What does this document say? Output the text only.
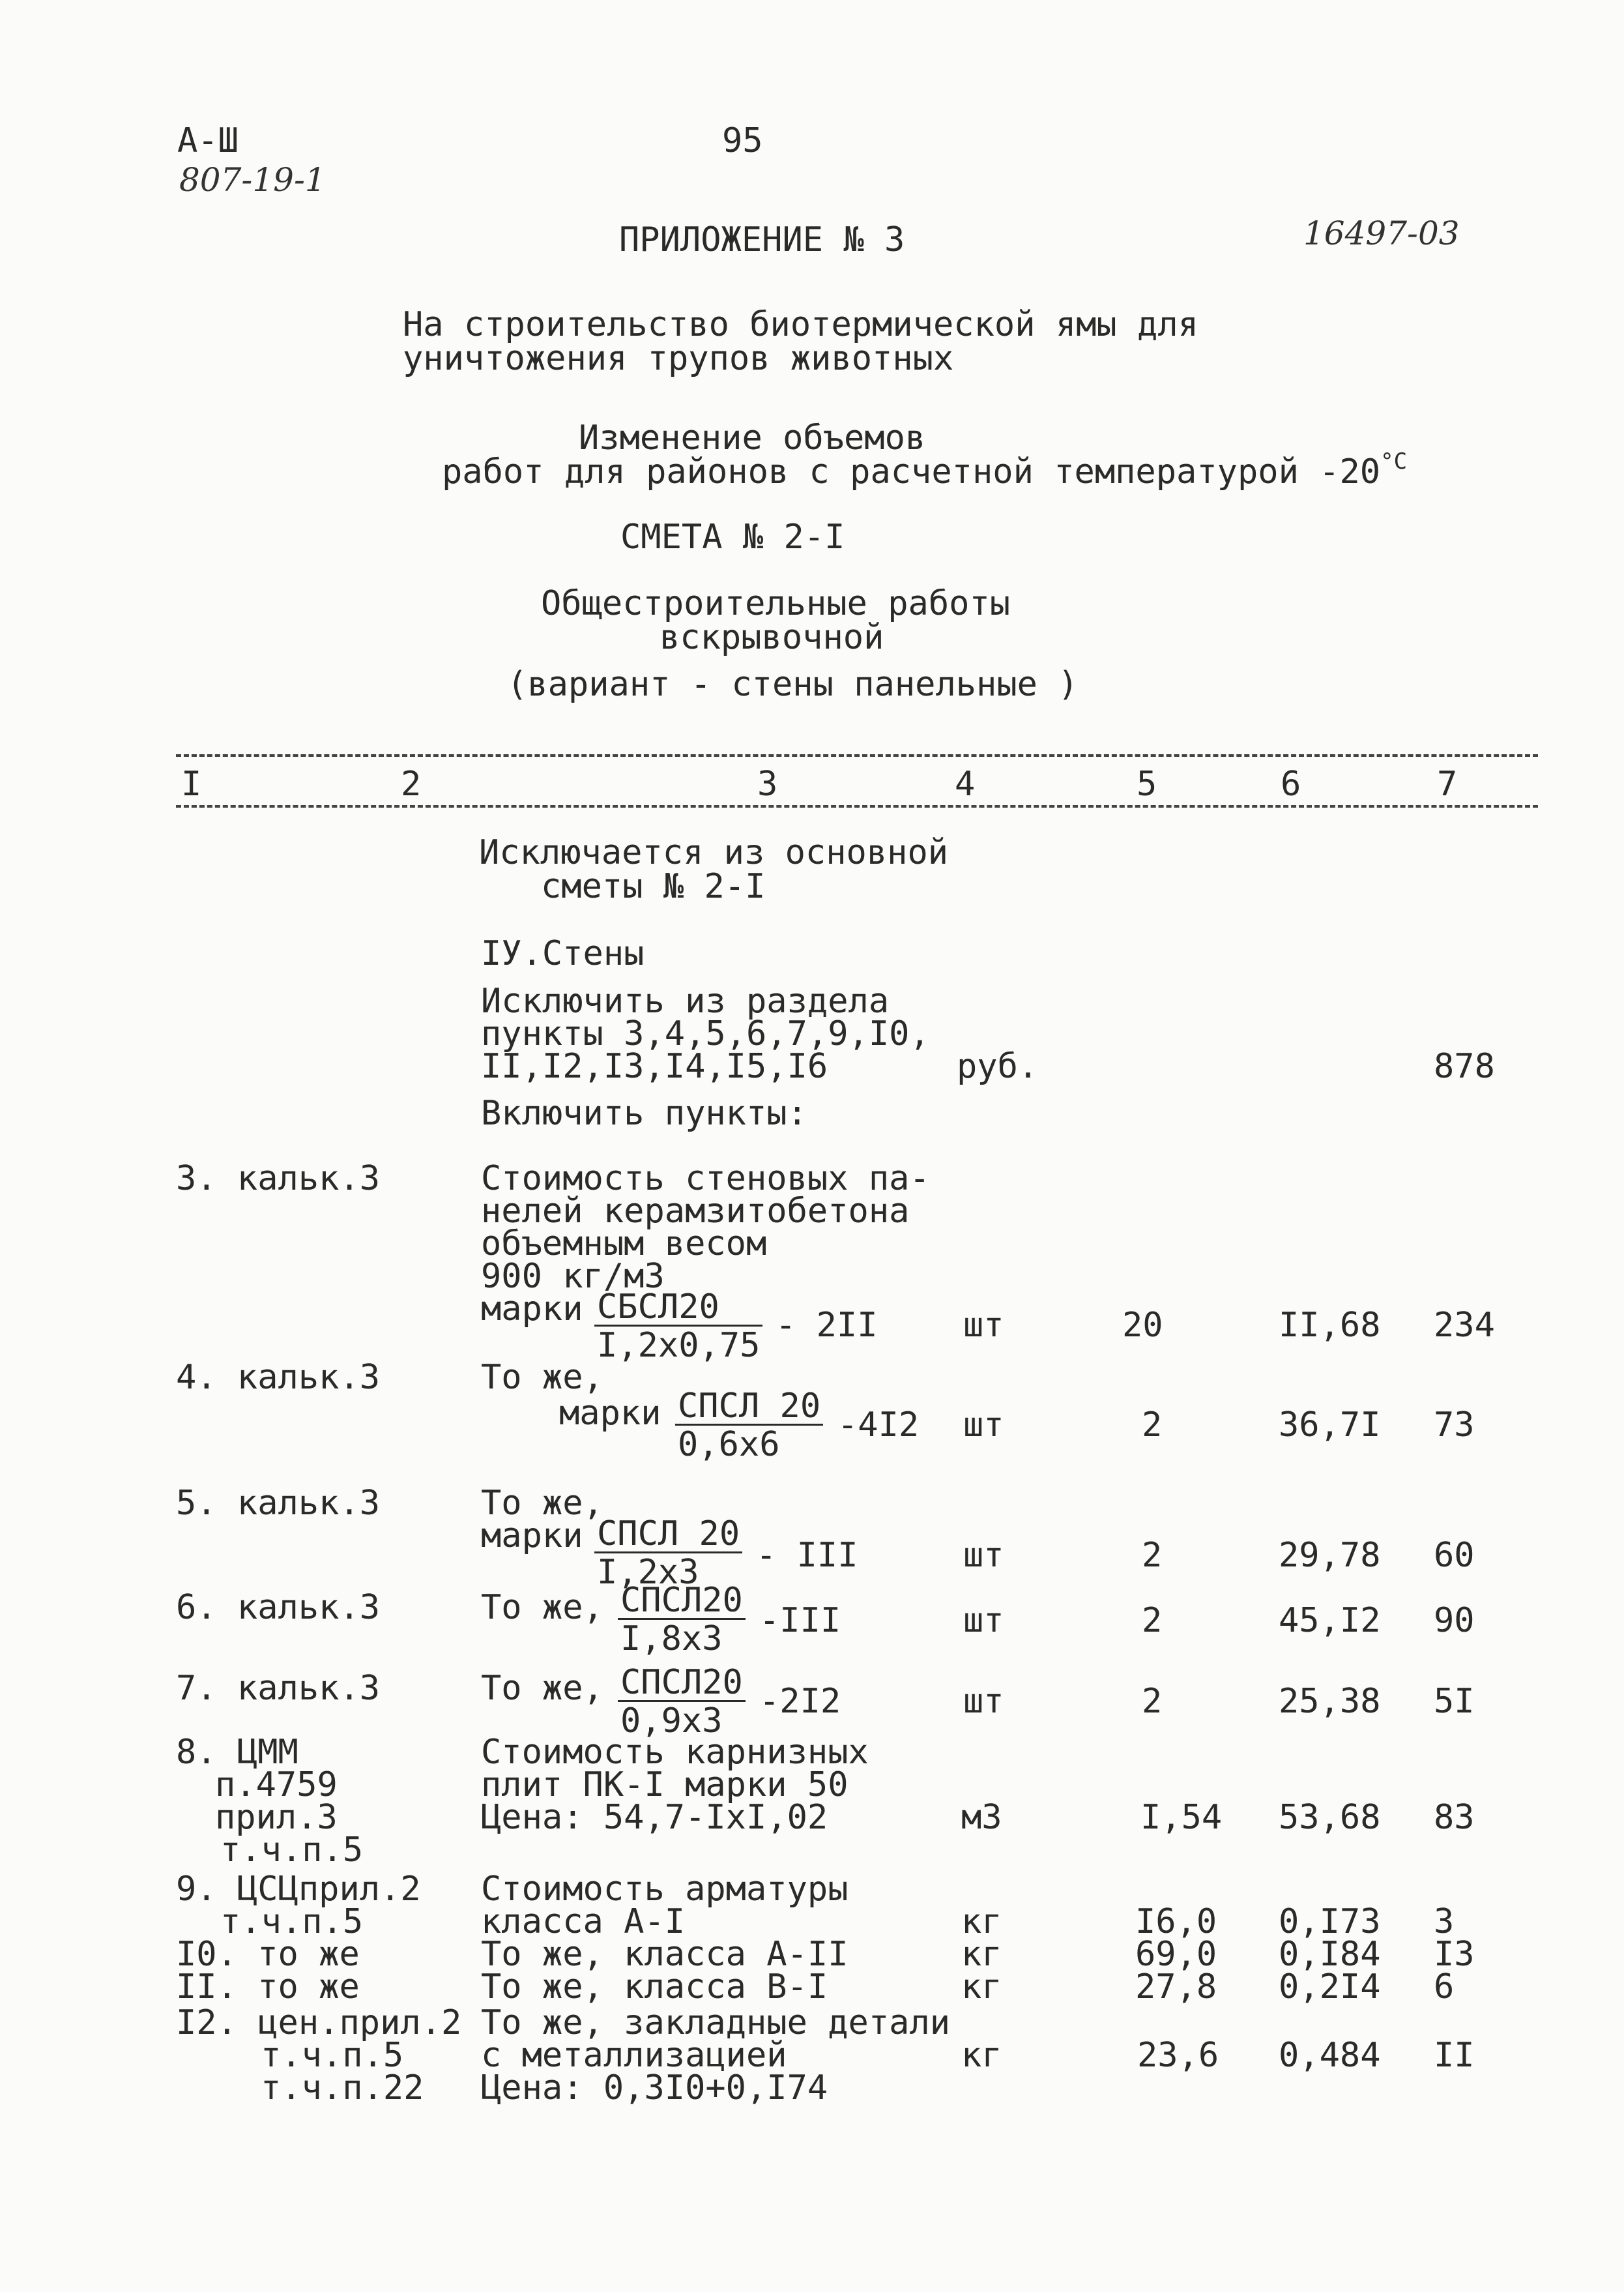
А-Ш
807-19-1
95
ПРИЛОЖЕНИЕ № 3	16497-03
На строительство биотермической ямы для
уничтожения трупов животных
Изменение объемов
работ для районов с расчетной температурой $-20^{^\circ С}$
СМЕТА № 2-I
Общестроительные работы
вскрывочной
(вариант - стены панельные )
I	2	3	4	5	6	7
Исключается из основной
сметы № 2-I
IУ.Стены
Исключить из раздела
пункты 3,4,5,6,7,9,I0,
II,I2,I3,I4,I5,I6	руб.	878
Включить пункты:
3. кальк.3	Стоимость стеновых па-
нелей керамзитобетона
объемным весом
900 кг/м3
марки СБСЛ20
I,2x0,75
- 2II	шт	20	II,68 234
4. кальк.3	То же,
марки СПСЛ 20
0,6x6	-4I2 шт	2	36,7I 73
5. кальк.3	То же,
марки СПСЛ 20
I,2x3	- III	шт	2	29,78 60
6. кальк.3	То же, СПСЛ20
I,8x3	-III	шт	2	45,I2 90
7. кальк.3	То же, СПСЛ20
0,9x3	-2I2	шт	2	25,38 5I
8. ЦММ
п.4759
прил.3
т.ч.п.5
Стоимость карнизных
плит ПК-I марки 50
Цена: 54,7-IxI,02	м3	I,54 53,68 83
9. ЦСЦприл.2
т.ч.п.5
Стоимость арматуры
класса А-I	кг	I6,0 0,I73 3
I0. то же	То же, класса А-II	кг	69,0 0,I84 I3
II. то же	То же, класса В-I	кг	27,8 0,2I4 6
I2. цен.прил.2
т.ч.п.5
т.ч.п.22
То же, закладные детали
с металлизацией
Цена: 0,3I0+0,I74
кг	23,6 0,484 II
